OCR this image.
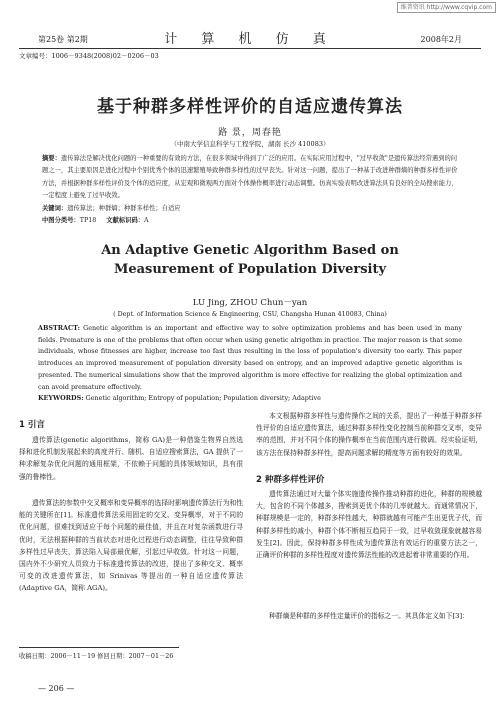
维普资讯 http://www.cqvip.com
第25卷 第2期	计 算 机 仿 真	2008年2月
文章编号：1006－9348(2008)02－0206－03
基于种群多样性评价的自适应遗传算法
路 景，周春艳
（中南大学信息科学与工程学院，湖南 长沙 410083）
摘要：遗传算法是解决优化问题的一种重要的有效的方法，在很多领域中得到了广泛的应用。在实际应用过程中，"过早收敛"是遗传算法经常遇到的问题之一，其主要原因是进化过程中个别优秀个体的迅速繁殖导致种群多样性的过早丧失。针对这一问题，提出了一种基于改进种群熵的种群多样性评价方法，并根据种群多样性评价及个体的适应度，从宏观和微观两方面对个体操作概率进行动态调整。仿真实验表明改进算法具有良好的全局搜索能力，一定程度上避免了过早收敛。
关键词：遗传算法；种群熵；种群多样性；自适应
中图分类号：TP18 文献标识码：A
An Adaptive Genetic Algorithm Based on
Measurement of Population Diversity
LU Jing, ZHOU Chun－yan
( Dept. of Information Science & Engineering, CSU, Changsha Hunan 410083, China)
ABSTRACT: Genetic algorithm is an important and effective way to solve optimization problems and has been used in many fields. Premature is one of the problems that often occur when using genetic alrigothm in practice. The major reason is that some individuals, whose fitnesses are higher, increase too fast thus resulting in the loss of population's diversity too early. This paper introduces an improved measurement of population diversity based on entropy, and an improved adaptive genetic algorithm is presented. The numerical simulations show that the improved algorithm is more effective for realizing the global optimization and can avoid premature effectively.
KEYWORDS: Genetic algorithm; Entropy of population; Population diversity; Adaptive
1 引言
遗传算法(genetic algorithms，简称 GA)是一种借鉴生物界自然选择和进化机制发展起来的高度并行、随机、自适应搜索算法，GA 提供了一种求解复杂优化问题的通用框架，不依赖于问题的具体领域知识，具有很强的鲁棒性。
遗传算法的参数中交叉概率和变异概率的选择时影响遗传算法行为和性能的关键所在[1]。标准遗传算法采用固定的交叉、变异概率，对于不同的优化问题，很难找到适应于每个问题的最佳值，并且在对复杂函数进行寻优时，无法根据种群的当前状态对进化过程进行动态调整，往往导致种群多样性过早丧失，算法陷入局部最优解，引起过早收敛。针对这一问题，国内外不少研究人员致力于标准遗传算法的改进，提出了多种交叉、概率可变的改进遗传算法，如 Srinivas 等提出的一种自适应遗传算法(Adaptive GA，简称 AGA)。
收稿日期：2006－11－19 修回日期：2007－01－26
— 206 —
本文根据种群多样性与遗传操作之间的关系，提出了一种基于种群多样性评价的自适应遗传算法，通过种群多样性变化控制当前种群交叉率，变异率的范围，并对不同个体的操作概率在当前范围内进行微调。经实验证明，该方法在保持种群多样性，提高问题求解的精度等方面有较好的效果。
2 种群多样性评价
遗传算法通过对大量个体实施遗传操作推动种群的进化，种群的规模越大，包含的不同个体越多，搜索到更优个体的几率就越大。而通常情况下，种群规模是一定的，种群多样性越大，种群就越有可能产生出更优子代，而种群多样性的减小，种群个体不断相互趋同于一致，过早收敛现象就越容易发生[2]。因此，保持种群多样性成为遗传算法有效运行的重要方法之一，正确评价种群的多样性程度对遗传算法性能的改进起着非常重要的作用。
种群熵是种群的多样性定量评价的指标之一。其具体定义如下[3]：
